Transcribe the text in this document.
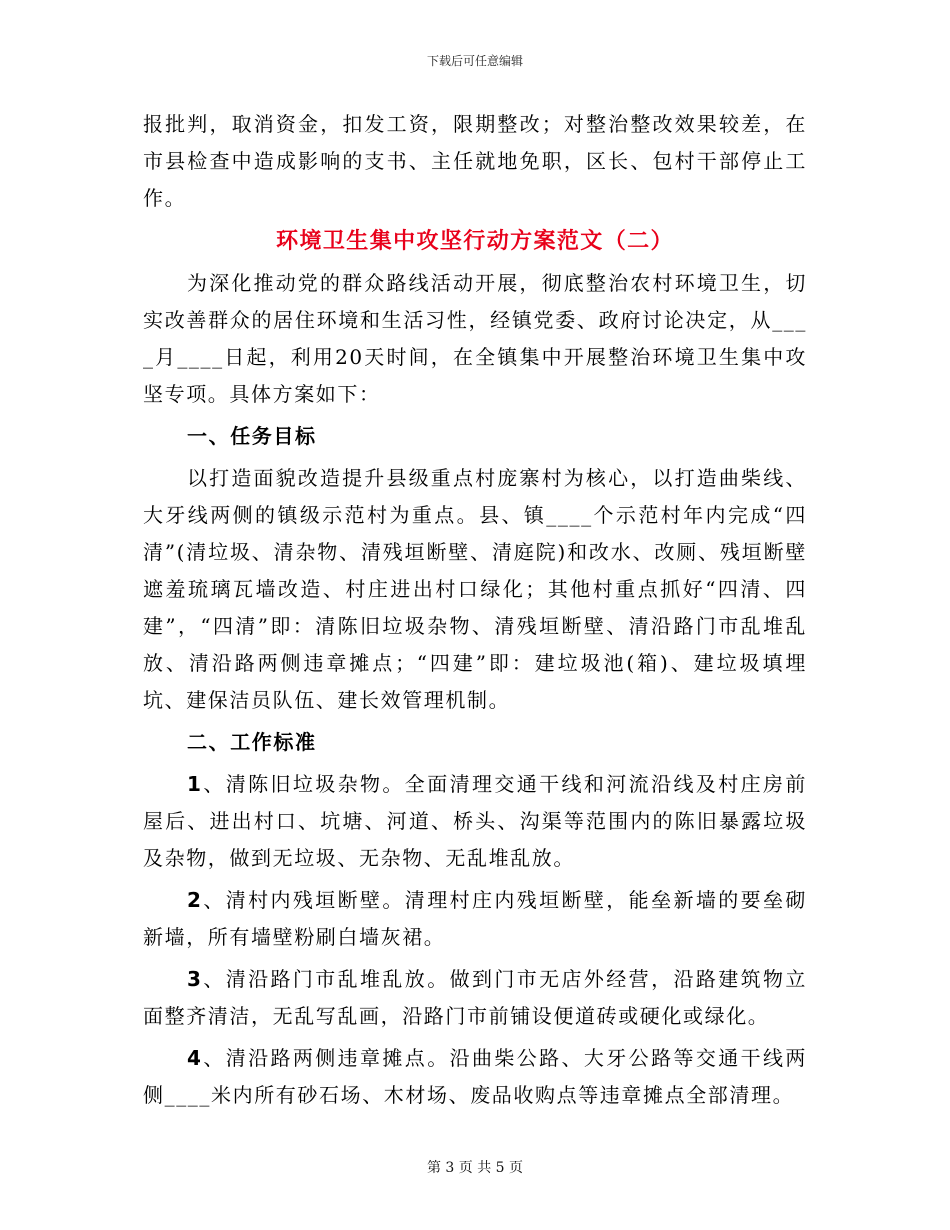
下载后可任意编辑

报批判，取消资金，扣发工资，限期整改；对整治整改效果较差，在市县检查中造成影响的支书、主任就地免职，区长、包村干部停止工作。

环境卫生集中攻坚行动方案范文（二）

为深化推动党的群众路线活动开展，彻底整治农村环境卫生，切实改善群众的居住环境和生活习性，经镇党委、政府讨论决定，从____月____日起，利用20天时间，在全镇集中开展整治环境卫生集中攻坚专项。具体方案如下：

一、任务目标

以打造面貌改造提升县级重点村庞寨村为核心，以打造曲柴线、大牙线两侧的镇级示范村为重点。县、镇____个示范村年内完成“四清”(清垃圾、清杂物、清残垣断壁、清庭院)和改水、改厕、残垣断壁遮羞琉璃瓦墙改造、村庄进出村口绿化；其他村重点抓好“四清、四建”，“四清”即：清陈旧垃圾杂物、清残垣断壁、清沿路门市乱堆乱放、清沿路两侧违章摊点；“四建”即：建垃圾池(箱)、建垃圾填埋坑、建保洁员队伍、建长效管理机制。

二、工作标准

1、清陈旧垃圾杂物。全面清理交通干线和河流沿线及村庄房前屋后、进出村口、坑塘、河道、桥头、沟渠等范围内的陈旧暴露垃圾及杂物，做到无垃圾、无杂物、无乱堆乱放。

2、清村内残垣断壁。清理村庄内残垣断壁，能垒新墙的要垒砌新墙，所有墙壁粉刷白墙灰裙。

3、清沿路门市乱堆乱放。做到门市无店外经营，沿路建筑物立面整齐清洁，无乱写乱画，沿路门市前铺设便道砖或硬化或绿化。

4、清沿路两侧违章摊点。沿曲柴公路、大牙公路等交通干线两侧____米内所有砂石场、木材场、废品收购点等违章摊点全部清理。

第 3 页 共 5 页
